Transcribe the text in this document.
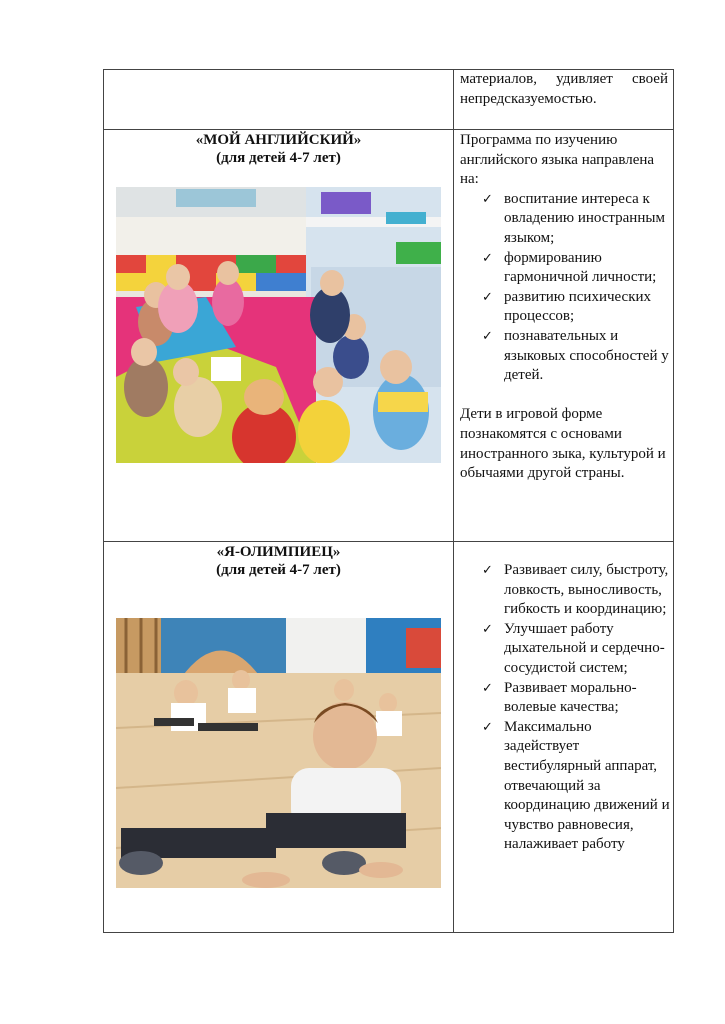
материалов, удивляет своей непредсказуемостью.
«МОЙ АНГЛИЙСКИЙ»
(для детей 4-7 лет)
Программа по изучению английского языка направлена на:
✓ воспитание интереса к овладению иностранным языком;
✓ формированию гармоничной личности;
✓ развитию психических процессов;
✓ познавательных и языковых способностей у детей.
Дети в игровой форме познакомятся с основами иностранного зыка, культурой и обычаями другой страны.
«Я-ОЛИМПИЕЦ»
(для детей 4-7 лет)	✓ Развивает силу, быстроту, ловкость, выносливость, гибкость и координацию;
✓ Улучшает работу дыхательной и сердечно-сосудистой систем;
✓ Развивает морально-волевые качества;
✓ Максимально задействует вестибулярный аппарат, отвечающий за координацию движений и чувство равновесия, налаживает работу
